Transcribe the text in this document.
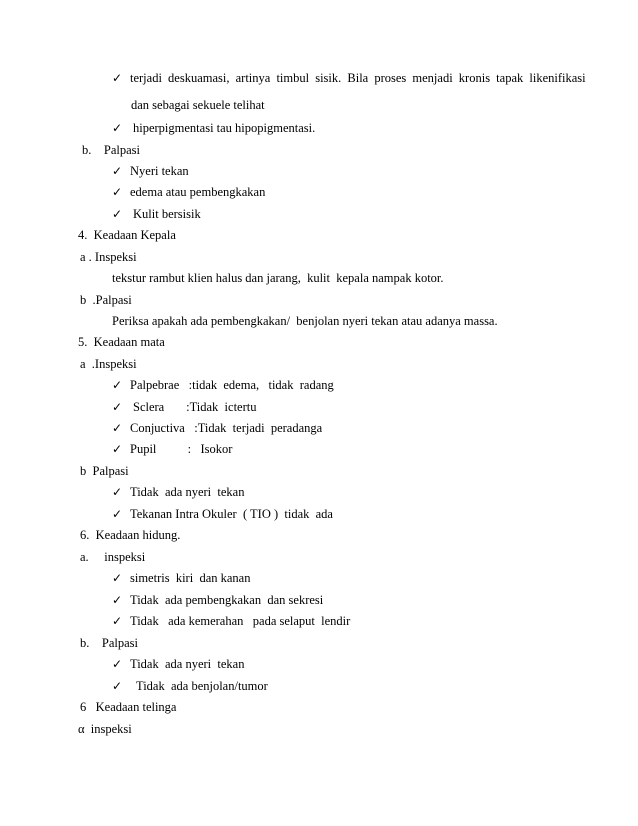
✓ terjadi deskuamasi, artinya timbul sisik. Bila proses menjadi kronis tapak likenifikasi
dan sebagai sekuele telihat
✓ hiperpigmentasi tau hipopigmentasi.
b.    Palpasi
✓ Nyeri tekan
✓ edema atau pembengkakan
✓ Kulit bersisik
4.  Keadaan Kepala
a . Inspeksi
tekstur rambut klien halus dan jarang,  kulit  kepala nampak kotor.
b  .Palpasi
Periksa apakah ada pembengkakan/  benjolan nyeri tekan atau adanya massa.
5.  Keadaan mata
a  .Inspeksi
✓ Palpebrae   :tidak  edema,   tidak  radang
✓ Sclera       :Tidak  ictertu
✓ Conjuctiva   :Tidak  terjadi  peradanga
✓ Pupil          :   Isokor
b  Palpasi
✓ Tidak  ada nyeri  tekan
✓ Tekanan Intra Okuler  ( TIO )  tidak  ada
6.  Keadaan hidung.
a.     inspeksi
✓ simetris  kiri  dan kanan
✓ Tidak  ada pembengkakan  dan sekresi
✓ Tidak   ada kemerahan   pada selaput  lendir
b.    Palpasi
✓ Tidak  ada nyeri  tekan
✓ Tidak  ada benjolan/tumor
6   Keadaan telinga
α  inspeksi
